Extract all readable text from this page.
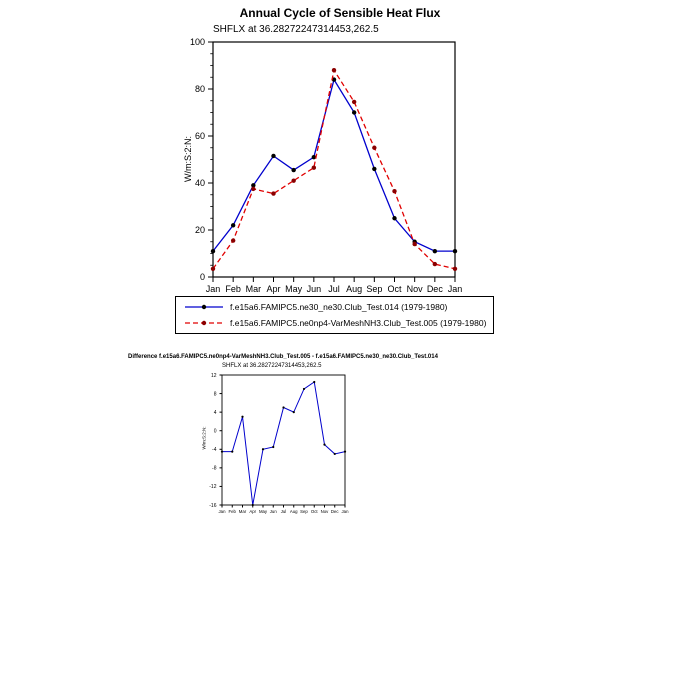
Annual Cycle of Sensible Heat Flux
SHFLX at 36.28272247314453,262.5
W/m:S:2:N:
0
20
40
60
80
100
Jan Feb Mar Apr May Jun Jul Aug Sep Oct Nov Dec Jan
f.e15a6.FAMIPC5.ne30_ne30.Club_Test.014 (1979-1980)
f.e15a6.FAMIPC5.ne0np4-VarMeshNH3.Club_Test.005 (1979-1980)
Difference f.e15a6.FAMIPC5.ne0np4-VarMeshNH3.Club_Test.005 - f.e15a6.FAMIPC5.ne30_ne30.Club_Test.014
SHFLX at 36.28272247314453,262.5
W/m:S:2:N:
-16
-12
-8
-4
0
4
8
12
Jan Feb Mar Apr May Jun Jul Aug Sep Oct Nov Dec Jan
